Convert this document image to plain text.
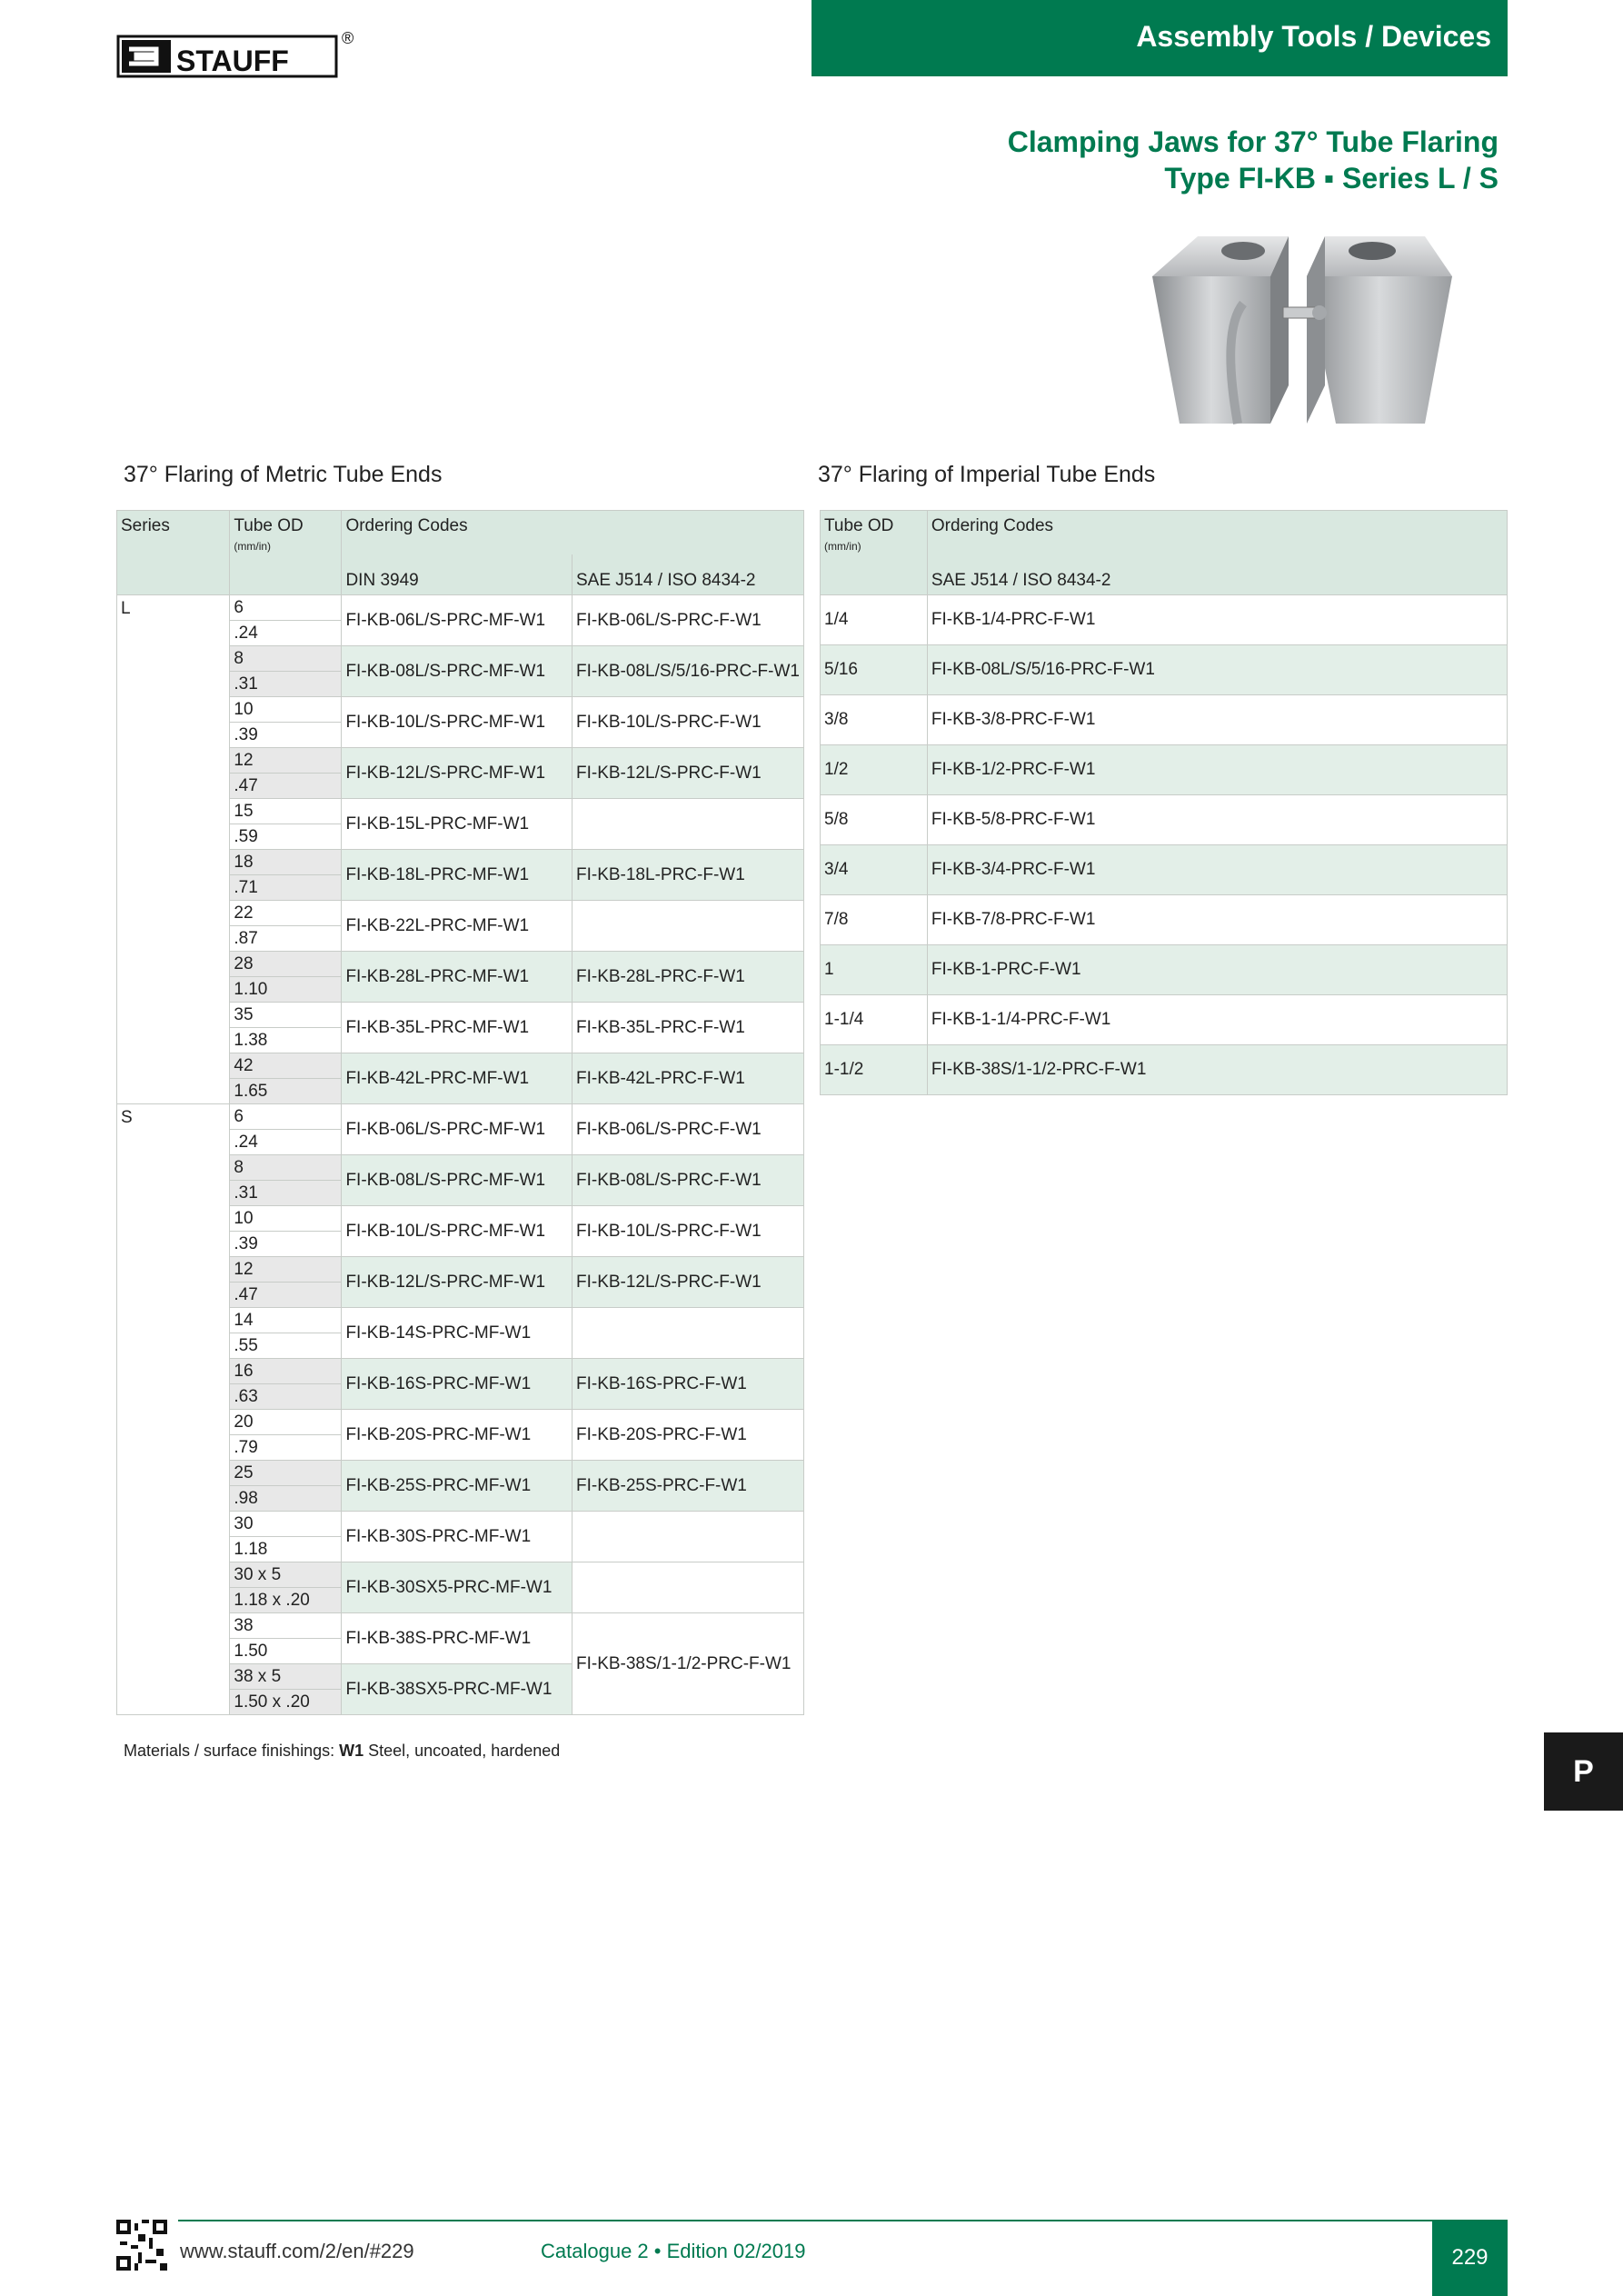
STAUFF
®	Assembly Tools / Devices
Clamping Jaws for 37° Tube Flaring
Type FI-KB ▪ Series L / S
37° Flaring of Metric Tube Ends	37° Flaring of Imperial Tube Ends
Series	Tube OD
(mm/in)	Ordering Codes	
		DIN 3949	SAE J514 / ISO 8434-2
L	6
.24	FI-KB-06L/S-PRC-MF-W1	FI-KB-06L/S-PRC-F-W1

	8
.31	FI-KB-08L/S-PRC-MF-W1	FI-KB-08L/S/5/16-PRC-F-W1

	10
.39	FI-KB-10L/S-PRC-MF-W1	FI-KB-10L/S-PRC-F-W1

	12
.47	FI-KB-12L/S-PRC-MF-W1	FI-KB-12L/S-PRC-F-W1

	15
.59	FI-KB-15L-PRC-MF-W1	

	18
.71	FI-KB-18L-PRC-MF-W1	FI-KB-18L-PRC-F-W1

	22
.87	FI-KB-22L-PRC-MF-W1	

	28
1.10	FI-KB-28L-PRC-MF-W1	FI-KB-28L-PRC-F-W1

	35
1.38	FI-KB-35L-PRC-MF-W1	FI-KB-35L-PRC-F-W1

	42
1.65	FI-KB-42L-PRC-MF-W1	FI-KB-42L-PRC-F-W1
S	6
.24	FI-KB-06L/S-PRC-MF-W1	FI-KB-06L/S-PRC-F-W1

	8
.31	FI-KB-08L/S-PRC-MF-W1	FI-KB-08L/S-PRC-F-W1

	10
.39	FI-KB-10L/S-PRC-MF-W1	FI-KB-10L/S-PRC-F-W1

	12
.47	FI-KB-12L/S-PRC-MF-W1	FI-KB-12L/S-PRC-F-W1

	14
.55	FI-KB-14S-PRC-MF-W1	

	16
.63	FI-KB-16S-PRC-MF-W1	FI-KB-16S-PRC-F-W1

	20
.79	FI-KB-20S-PRC-MF-W1	FI-KB-20S-PRC-F-W1

	25
.98	FI-KB-25S-PRC-MF-W1	FI-KB-25S-PRC-F-W1

	30
1.18	FI-KB-30S-PRC-MF-W1	

	30 x 5
1.18 x .20	FI-KB-30SX5-PRC-MF-W1	

	38
1.50	FI-KB-38S-PRC-MF-W1	FI-KB-38S/1-1/2-PRC-F-W1

	38 x 5
1.50 x .20	FI-KB-38SX5-PRC-MF-W1	
Tube OD
(mm/in)	Ordering Codes
	SAE J514 / ISO 8434-2
1/4	FI-KB-1/4-PRC-F-W1
5/16	FI-KB-08L/S/5/16-PRC-F-W1
3/8	FI-KB-3/8-PRC-F-W1
1/2	FI-KB-1/2-PRC-F-W1
5/8	FI-KB-5/8-PRC-F-W1
3/4	FI-KB-3/4-PRC-F-W1
7/8	FI-KB-7/8-PRC-F-W1
1	FI-KB-1-PRC-F-W1
1-1/4	FI-KB-1-1/4-PRC-F-W1
1-1/2	FI-KB-38S/1-1/2-PRC-F-W1
Materials / surface finishings: W1 Steel, uncoated, hardened
P
www.stauff.com/2/en/#229	Catalogue 2 • Edition 02/2019	229
